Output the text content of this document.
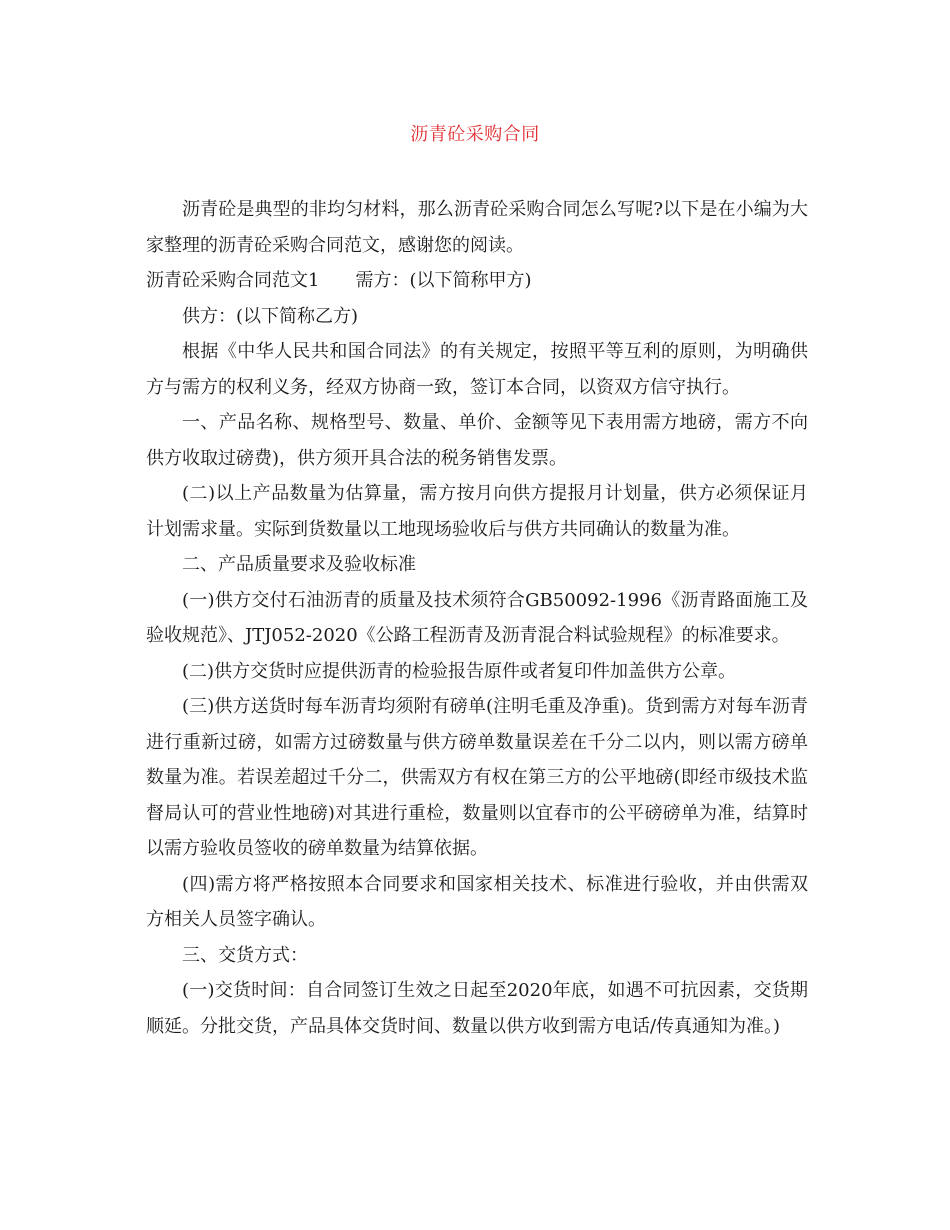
沥青砼采购合同

沥青砼是典型的非均匀材料，那么沥青砼采购合同怎么写呢?以下是在小编为大家整理的沥青砼采购合同范文，感谢您的阅读。

沥青砼采购合同范文1 需方：(以下简称甲方)

供方：(以下简称乙方)

根据《中华人民共和国合同法》的有关规定，按照平等互利的原则，为明确供方与需方的权利义务，经双方协商一致，签订本合同，以资双方信守执行。

一、产品名称、规格型号、数量、单价、金额等见下表用需方地磅，需方不向供方收取过磅费)，供方须开具合法的税务销售发票。

(二)以上产品数量为估算量，需方按月向供方提报月计划量，供方必须保证月计划需求量。实际到货数量以工地现场验收后与供方共同确认的数量为准。

二、产品质量要求及验收标准

(一)供方交付石油沥青的质量及技术须符合GB50092-1996《沥青路面施工及验收规范》、JTJ052-2020《公路工程沥青及沥青混合料试验规程》的标准要求。

(二)供方交货时应提供沥青的检验报告原件或者复印件加盖供方公章。

(三)供方送货时每车沥青均须附有磅单(注明毛重及净重)。货到需方对每车沥青进行重新过磅，如需方过磅数量与供方磅单数量误差在千分二以内，则以需方磅单数量为准。若误差超过千分二，供需双方有权在第三方的公平地磅(即经市级技术监督局认可的营业性地磅)对其进行重检，数量则以宜春市的公平磅磅单为准，结算时以需方验收员签收的磅单数量为结算依据。

(四)需方将严格按照本合同要求和国家相关技术、标准进行验收，并由供需双方相关人员签字确认。

三、交货方式：

(一)交货时间：自合同签订生效之日起至2020年底，如遇不可抗因素，交货期顺延。分批交货，产品具体交货时间、数量以供方收到需方电话/传真通知为准。)
